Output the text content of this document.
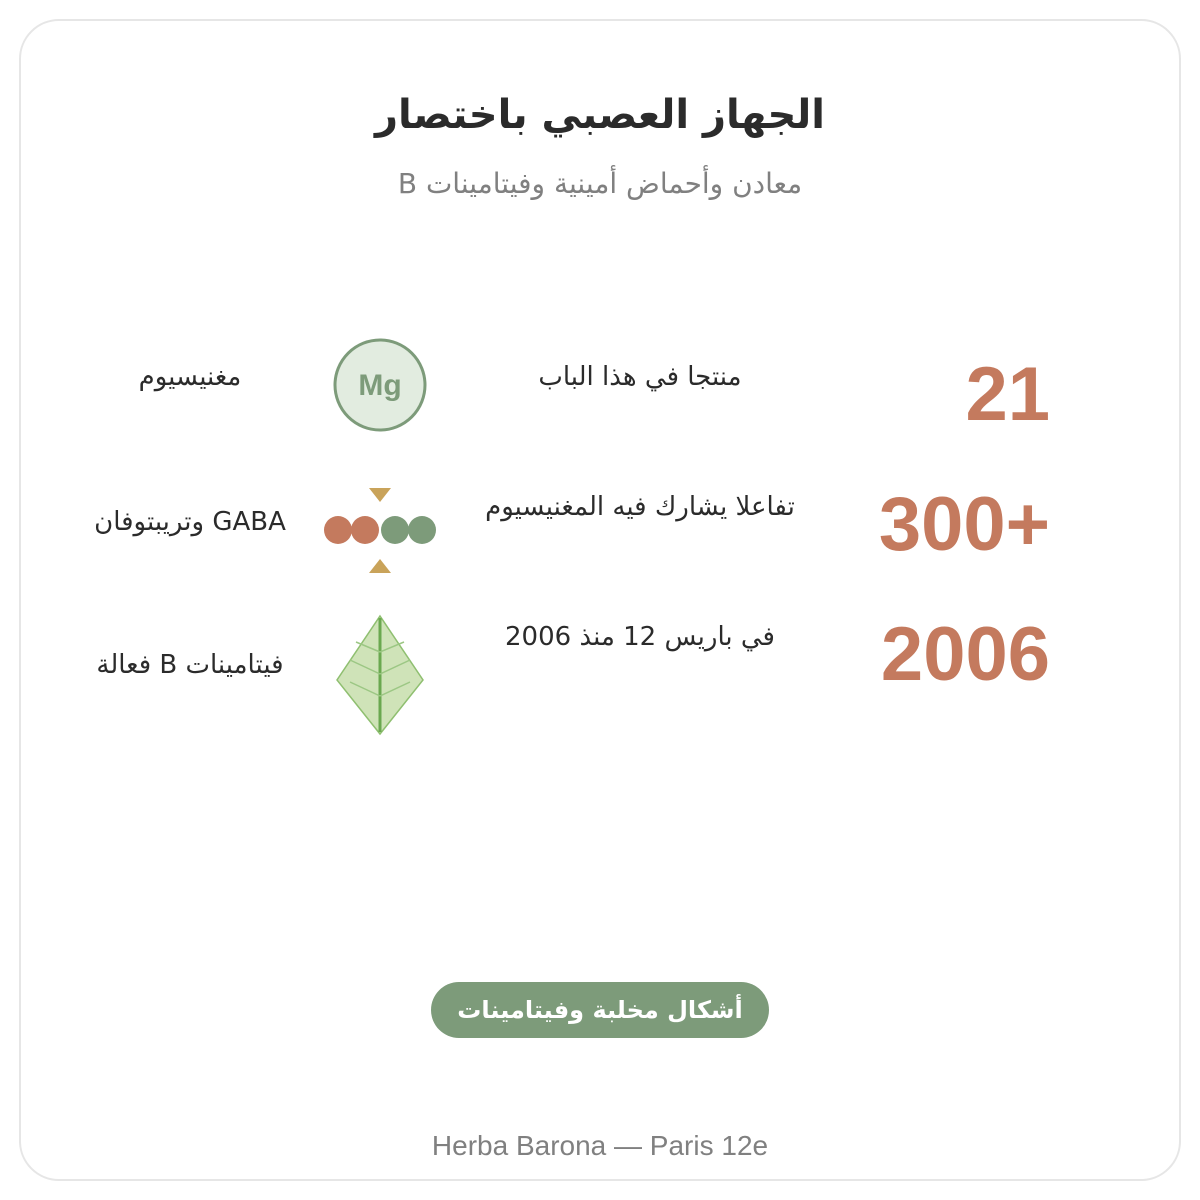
الجهاز العصبي باختصار
معادن وأحماض أمينية وفيتامينات B
21
منتجا في هذا الباب
Mg
مغنيسيوم
300+
تفاعلا يشارك فيه المغنيسيوم
GABA وتريبتوفان
2006
في باريس 12 منذ 2006
فيتامينات B فعالة
أشكال مخلبة وفيتامينات ميثيل
Herba Barona — Paris 12e
